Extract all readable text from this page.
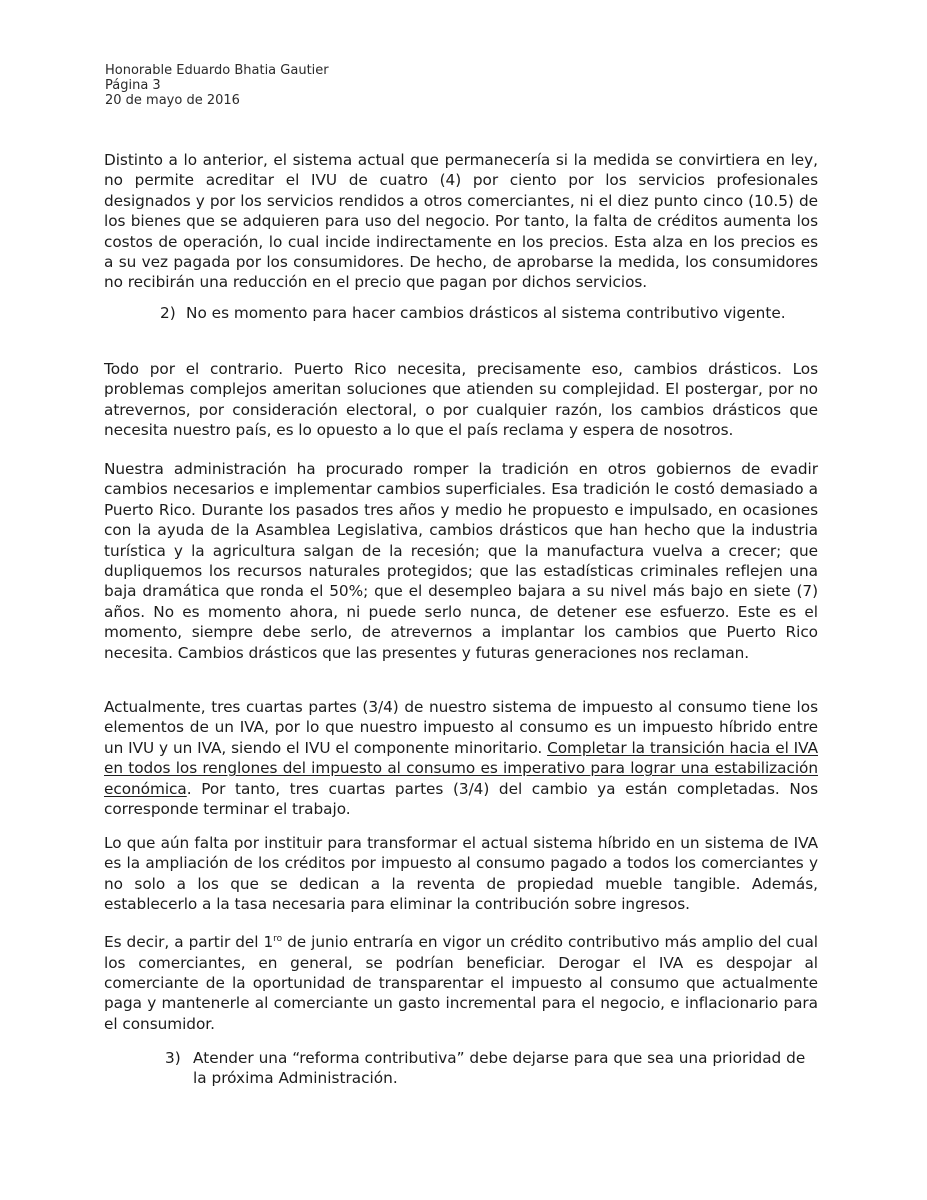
Honorable Eduardo Bhatia Gautier
Página 3
20 de mayo de 2016
Distinto a lo anterior, el sistema actual que permanecería si la medida se convirtiera en ley, no permite acreditar el IVU de cuatro (4) por ciento por los servicios profesionales designados y por los servicios rendidos a otros comerciantes, ni el diez punto cinco (10.5) de los bienes que se adquieren para uso del negocio. Por tanto, la falta de créditos aumenta los costos de operación, lo cual incide indirectamente en los precios. Esta alza en los precios es a su vez pagada por los consumidores. De hecho, de aprobarse la medida, los consumidores no recibirán una reducción en el precio que pagan por dichos servicios.
2) No es momento para hacer cambios drásticos al sistema contributivo vigente.
Todo por el contrario. Puerto Rico necesita, precisamente eso, cambios drásticos. Los problemas complejos ameritan soluciones que atienden su complejidad. El postergar, por no atrevernos, por consideración electoral, o por cualquier razón, los cambios drásticos que necesita nuestro país, es lo opuesto a lo que el país reclama y espera de nosotros.
Nuestra administración ha procurado romper la tradición en otros gobiernos de evadir cambios necesarios e implementar cambios superficiales. Esa tradición le costó demasiado a Puerto Rico. Durante los pasados tres años y medio he propuesto e impulsado, en ocasiones con la ayuda de la Asamblea Legislativa, cambios drásticos que han hecho que la industria turística y la agricultura salgan de la recesión; que la manufactura vuelva a crecer; que dupliquemos los recursos naturales protegidos; que las estadísticas criminales reflejen una baja dramática que ronda el 50%; que el desempleo bajara a su nivel más bajo en siete (7) años. No es momento ahora, ni puede serlo nunca, de detener ese esfuerzo. Este es el momento, siempre debe serlo, de atrevernos a implantar los cambios que Puerto Rico necesita. Cambios drásticos que las presentes y futuras generaciones nos reclaman.
Actualmente, tres cuartas partes (3/4) de nuestro sistema de impuesto al consumo tiene los elementos de un IVA, por lo que nuestro impuesto al consumo es un impuesto híbrido entre un IVU y un IVA, siendo el IVU el componente minoritario. Completar la transición hacia el IVA en todos los renglones del impuesto al consumo es imperativo para lograr una estabilización económica. Por tanto, tres cuartas partes (3/4) del cambio ya están completadas. Nos corresponde terminar el trabajo.
Lo que aún falta por instituir para transformar el actual sistema híbrido en un sistema de IVA es la ampliación de los créditos por impuesto al consumo pagado a todos los comerciantes y no solo a los que se dedican a la reventa de propiedad mueble tangible. Además, establecerlo a la tasa necesaria para eliminar la contribución sobre ingresos.
Es decir, a partir del $1^{ro}$ de junio entraría en vigor un crédito contributivo más amplio del cual los comerciantes, en general, se podrían beneficiar. Derogar el IVA es despojar al comerciante de la oportunidad de transparentar el impuesto al consumo que actualmente paga y mantenerle al comerciante un gasto incremental para el negocio, e inflacionario para el consumidor.
3) Atender una “reforma contributiva” debe dejarse para que sea una prioridad de la próxima Administración.
